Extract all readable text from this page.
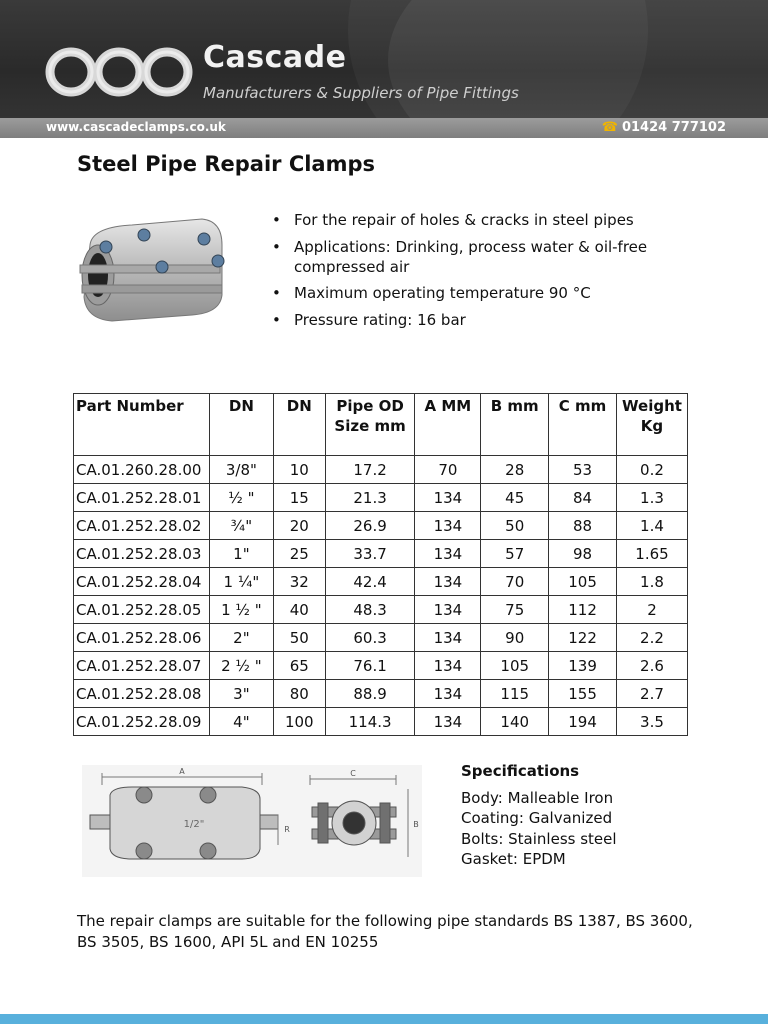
Cascade
Manufacturers & Suppliers of Pipe Fittings
www.cascadeclamps.co.uk	☎ 01424 777102
Steel Pipe Repair Clamps
• For the repair of holes & cracks in steel pipes
• Applications: Drinking, process water & oil-free compressed air
• Maximum operating temperature 90 °C
• Pressure rating: 16 bar
Part Number	DN	DN	Pipe OD Size mm	A MM	B mm	C mm	Weight Kg
CA.01.260.28.00	3/8"	10	17.2	70	28	53	0.2
CA.01.252.28.01	½ "	15	21.3	134	45	84	1.3
CA.01.252.28.02	¾"	20	26.9	134	50	88	1.4
CA.01.252.28.03	1"	25	33.7	134	57	98	1.65
CA.01.252.28.04	1 ¼"	32	42.4	134	70	105	1.8
CA.01.252.28.05	1 ½ "	40	48.3	134	75	112	2
CA.01.252.28.06	2"	50	60.3	134	90	122	2.2
CA.01.252.28.07	2 ½ "	65	76.1	134	105	139	2.6
CA.01.252.28.08	3"	80	88.9	134	115	155	2.7
CA.01.252.28.09	4"	100	114.3	134	140	194	3.5
A	C
B
R
1/2"
Specifications
Body: Malleable Iron
Coating: Galvanized
Bolts: Stainless steel
Gasket: EPDM
The repair clamps are suitable for the following pipe standards BS 1387, BS 3600, BS 3505, BS 1600, API 5L and EN 10255
